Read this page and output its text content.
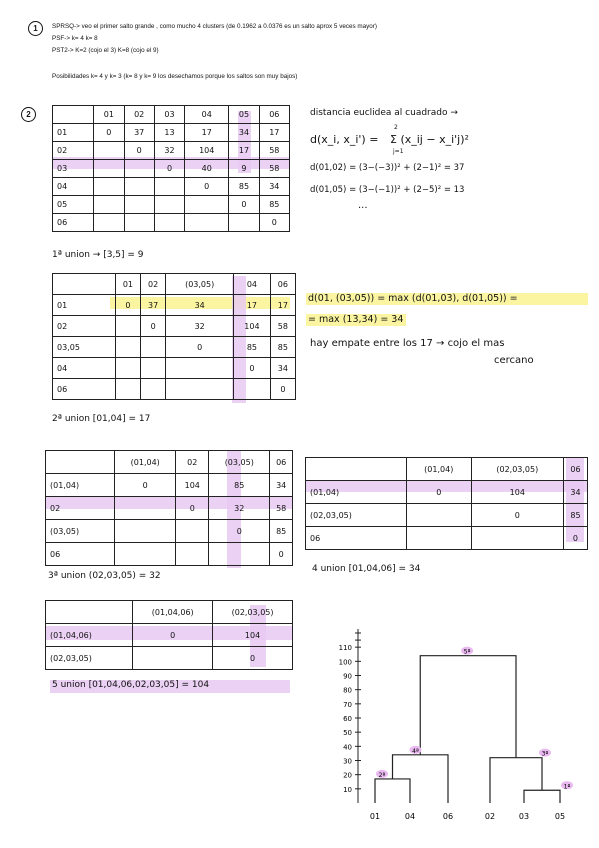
1	SPRSQ-> veo el primer salto grande , como mucho 4 clusters (de 0.1962 a 0.0376 es un salto aprox 5 veces mayor)
PSF-> k= 4 k= 8
PST2-> K=2 (cojo el 3) K=8 (cojo el 9)
Posibilidades k= 4 y k= 3 (k= 8 y k= 9 los desechamos porque los saltos son muy bajos)
2
		01	02	03	04	05	06
01	0	37	13	17	34	17
02		0	32	104	17	58
03			0	40	9	58
04				0	85	34
05					0	85
06						0
distancia euclidea al cuadrado →
d(x_i, x_i') =
2
Σ (x_ij − x_i'j)²
j=1
d(01,02) = (3−(−3))² + (2−1)² = 37
d(01,05) = (3−(−1))² + (2−5)² = 13
...
1ª union → [3,5] = 9
	01	02	(03,05)	04	06
01	0	37	34	17	17
02		0	32	104	58
03,05			0	85	85
04				0	34
06					0
d(01, (03,05)) = max (d(01,03), d(01,05)) =
= max (13,34) = 34
hay empate entre los 17 → cojo el mas
cercano
2ª union [01,04] = 17
	(01,04)	02	(03,05)	06
(01,04)	0	104	85	34
02		0	32	58
(03,05)			0	85
06				0
3ª union (02,03,05) = 32
	(01,04)	(02,03,05)	06
(01,04)	0	104	34
(02,03,05)		0	85
06			0
4 union [01,04,06] = 34
	(01,04,06)	(02,03,05)
(01,04,06)	0	104
(02,03,05)		0
5 union [01,04,06,02,03,05] = 104
10
20
30
40
50
60
70
80
90
100
110
01	04	06	02	03	05
1ª
2ª
3ª
4ª
5ª
